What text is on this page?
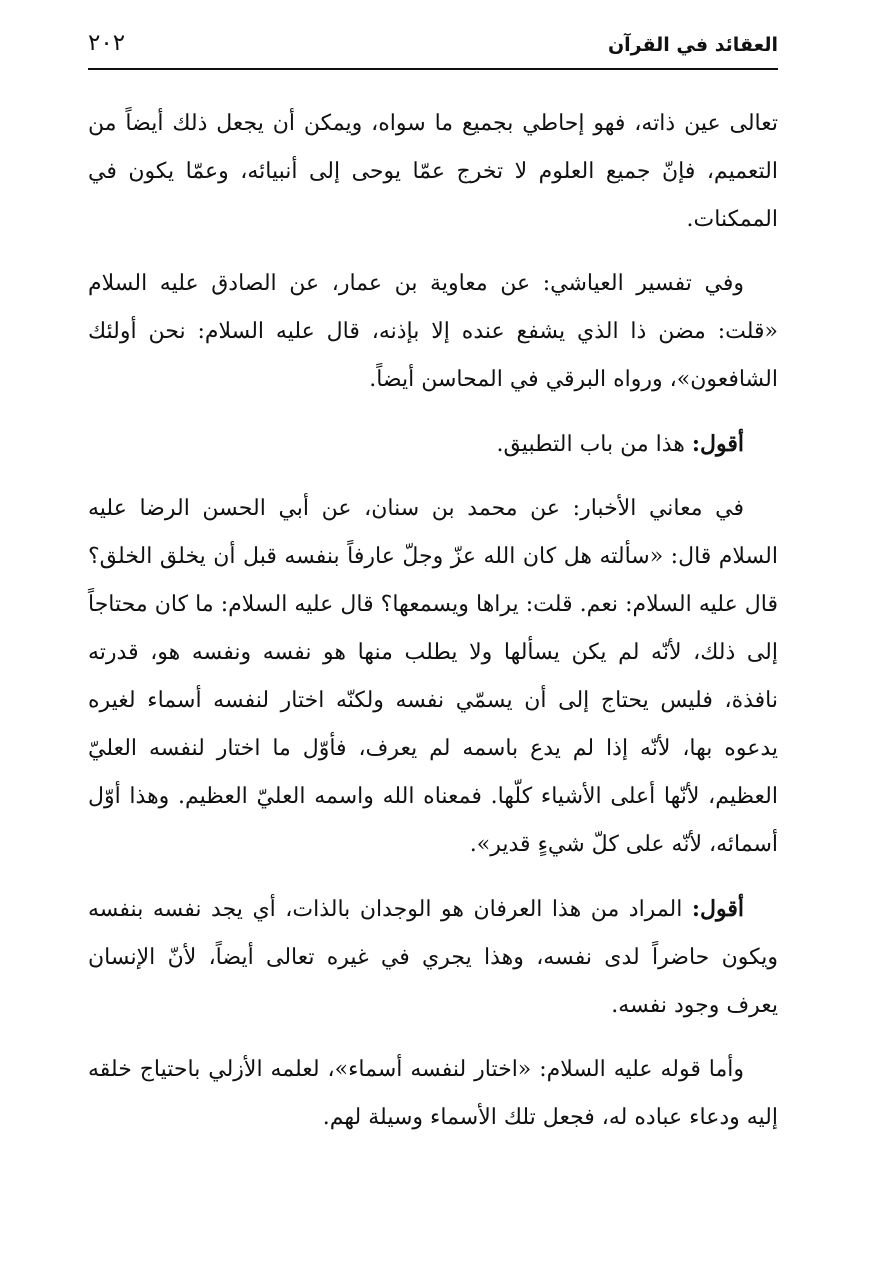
العقائد في القرآن
٢٠٢

تعالى عين ذاته، فهو إحاطي بجميع ما سواه، ويمكن أن يجعل ذلك أيضاً من التعميم، فإنّ جميع العلوم لا تخرج عمّا يوحى إلى أنبيائه، وعمّا يكون في الممكنات.

وفي تفسير العياشي: عن معاوية بن عمار، عن الصادق عليه السلام «قلت: مضن ذا الذي يشفع عنده إلا بإذنه، قال عليه السلام: نحن أولئك الشافعون»، ورواه البرقي في المحاسن أيضاً.

أقول: هذا من باب التطبيق.

في معاني الأخبار: عن محمد بن سنان، عن أبي الحسن الرضا عليه السلام قال: «سألته هل كان الله عزّ وجلّ عارفاً بنفسه قبل أن يخلق الخلق؟ قال عليه السلام: نعم. قلت: يراها ويسمعها؟ قال عليه السلام: ما كان محتاجاً إلى ذلك، لأنّه لم يكن يسألها ولا يطلب منها هو نفسه ونفسه هو، قدرته نافذة، فليس يحتاج إلى أن يسمّي نفسه ولكنّه اختار لنفسه أسماء لغيره يدعوه بها، لأنّه إذا لم يدع باسمه لم يعرف، فأوّل ما اختار لنفسه العليّ العظيم، لأنّها أعلى الأشياء كلّها. فمعناه الله واسمه العليّ العظيم. وهذا أوّل أسمائه، لأنّه على كلّ شيءٍ قدير».

أقول: المراد من هذا العرفان هو الوجدان بالذات، أي يجد نفسه بنفسه ويكون حاضراً لدى نفسه، وهذا يجري في غيره تعالى أيضاً، لأنّ الإنسان يعرف وجود نفسه.

وأما قوله عليه السلام: «اختار لنفسه أسماء»، لعلمه الأزلي باحتياج خلقه إليه ودعاء عباده له، فجعل تلك الأسماء وسيلة لهم.
